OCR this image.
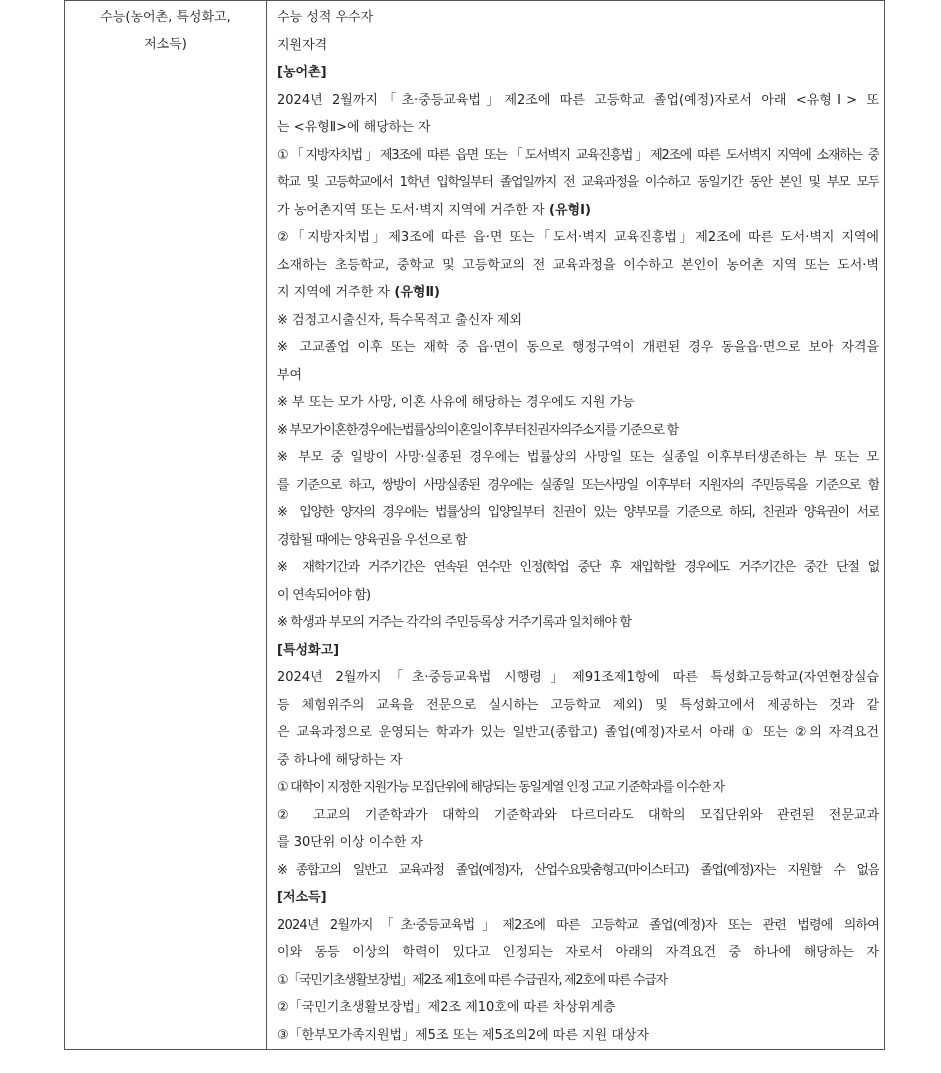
수능(농어촌, 특성화고,
저소득)

수능 성적 우수자
지원자격
[농어촌]
2024년 2월까지「초·중등교육법」제2조에 따른 고등학교 졸업(예정)자로서 아래 <유형Ⅰ> 또
는 <유형Ⅱ>에 해당하는 자
①「지방자치법」제3조에 따른 읍면 또는「도서벽지 교육진흥법」제2조에 따른 도서벽지 지역에 소재하는 중
학교 및 고등학교에서 1학년 입학일부터 졸업일까지 전 교육과정을 이수하고 동일기간 동안 본인 및 부모 모두
가 농어촌지역 또는 도서·벽지 지역에 거주한 자 (유형Ⅰ)
②「지방자치법」제3조에 따른 읍·면 또는「도서·벽지 교육진흥법」제2조에 따른 도서·벽지 지역에
소재하는 초등학교, 중학교 및 고등학교의 전 교육과정을 이수하고 본인이 농어촌 지역 또는 도서·벽
지 지역에 거주한 자 (유형Ⅱ)
※ 검정고시출신자, 특수목적고 출신자 제외
※ 고교졸업 이후 또는 재학 중 읍·면이 동으로 행정구역이 개편된 경우 동을읍·면으로 보아 자격을
부여
※ 부 또는 모가 사망, 이혼 사유에 해당하는 경우에도 지원 가능
※ 부모가이혼한경우에는법률상의이혼일이후부터친권자의주소지를 기준으로 함
※ 부모 중 일방이 사망·실종된 경우에는 법률상의 사망일 또는 실종일 이후부터생존하는 부 또는 모
를 기준으로 하고, 쌍방이 사망실종된 경우에는 실종일 또는사망일 이후부터 지원자의 주민등록을 기준으로 함
※ 입양한 양자의 경우에는 법률상의 입양일부터 친권이 있는 양부모를 기준으로 하되, 친권과 양육권이 서로
경합될 때에는 양육권을 우선으로 함
※ 재학기간과 거주기간은 연속된 연수만 인정(학업 중단 후 재입학할 경우에도 거주기간은 중간 단절 없
이 연속되어야 함)
※ 학생과 부모의 거주는 각각의 주민등록상 거주기록과 일치해야 함
[특성화고]
2024년 2월까지「초·중등교육법 시행령」제91조제1항에 따른 특성화고등학교(자연현장실습
등 체험위주의 교육을 전문으로 실시하는 고등학교 제외) 및 특성화고에서 제공하는 것과 같
은 교육과정으로 운영되는 학과가 있는 일반고(종합고) 졸업(예정)자로서 아래 ① 또는 ②의 자격요건
중 하나에 해당하는 자
① 대학이 지정한 지원가능 모집단위에 해당되는 동일계열 인정 고교 기준학과를 이수한 자
② 고교의 기준학과가 대학의 기준학과와 다르더라도 대학의 모집단위와 관련된 전문교과
를 30단위 이상 이수한 자
※종합고의 일반고 교육과정 졸업(예정)자, 산업수요맞춤형고(마이스터고) 졸업(예정)자는 지원할 수 없음
[저소득]
2024년 2월까지「초·중등교육법」제2조에 따른 고등학교 졸업(예정)자 또는 관련 법령에 의하여
이와 동등 이상의 학력이 있다고 인정되는 자로서 아래의 자격요건 중 하나에 해당하는 자
①「국민기초생활보장법」제2조 제1호에 따른 수급권자, 제2호에 따른 수급자
②「국민기초생활보장법」제2조 제10호에 따른 차상위계층
③「한부모가족지원법」제5조 또는 제5조의2에 따른 지원 대상자
